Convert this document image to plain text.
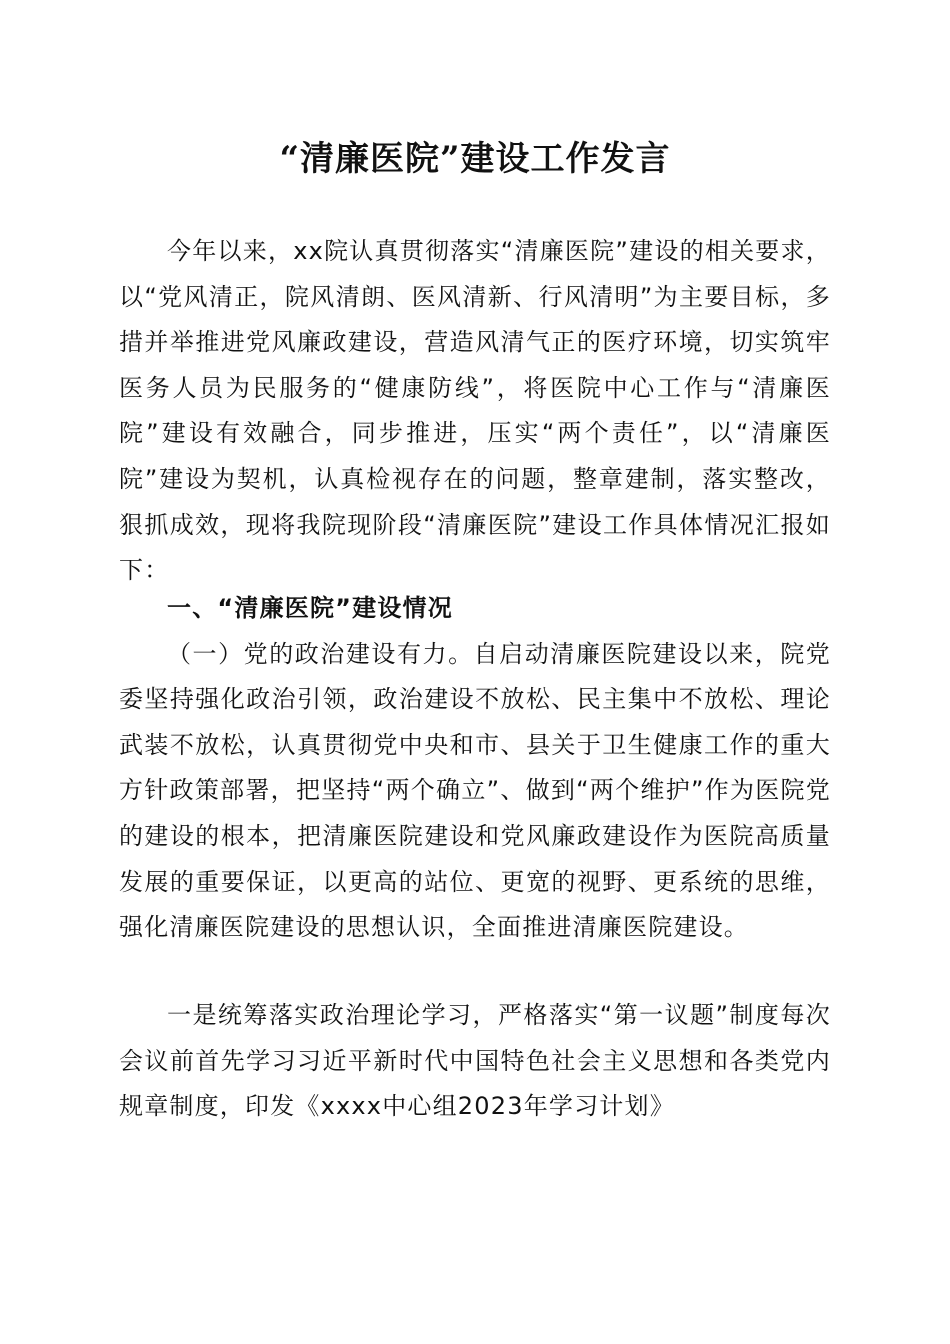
“清廉医院”建设工作发言

今年以来，xx院认真贯彻落实“清廉医院”建设的相关要求，以“党风清正，院风清朗、医风清新、行风清明”为主要目标，多措并举推进党风廉政建设，营造风清气正的医疗环境，切实筑牢医务人员为民服务的“健康防线”，将医院中心工作与“清廉医院”建设有效融合，同步推进，压实“两个责任”，以“清廉医院”建设为契机，认真检视存在的问题，整章建制，落实整改，狠抓成效，现将我院现阶段“清廉医院”建设工作具体情况汇报如下：

一、“清廉医院”建设情况

（一）党的政治建设有力。自启动清廉医院建设以来，院党委坚持强化政治引领，政治建设不放松、民主集中不放松、理论武装不放松，认真贯彻党中央和市、县关于卫生健康工作的重大方针政策部署，把坚持“两个确立”、做到“两个维护”作为医院党的建设的根本，把清廉医院建设和党风廉政建设作为医院高质量发展的重要保证，以更高的站位、更宽的视野、更系统的思维，强化清廉医院建设的思想认识，全面推进清廉医院建设。

一是统筹落实政治理论学习，严格落实“第一议题”制度每次会议前首先学习习近平新时代中国特色社会主义思想和各类党内规章制度，印发《xxxx中心组2023年学习计划》
